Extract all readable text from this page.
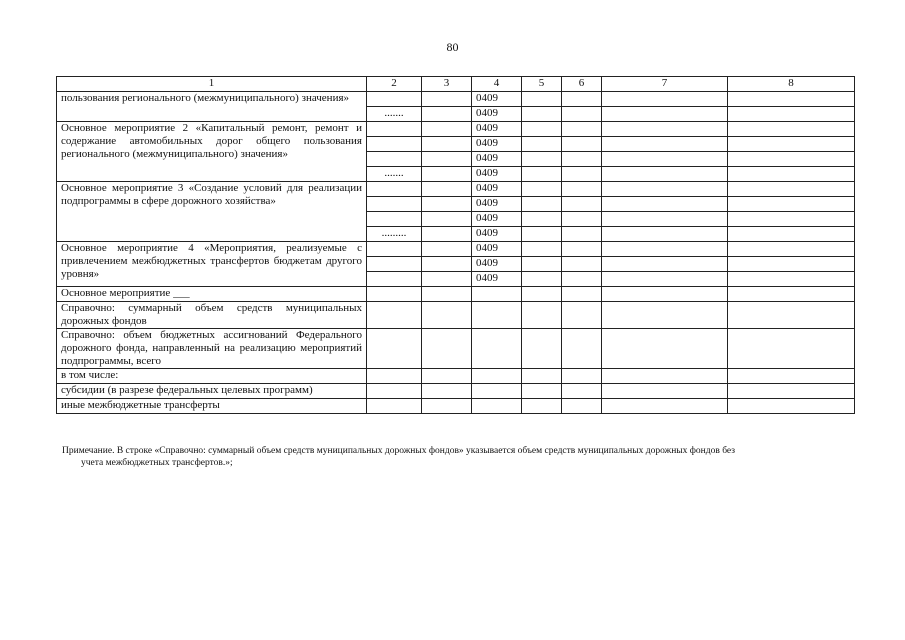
80
1	2	3	4	5	6	7	8
пользования регионального (межмуниципального) значения»			0409				
	.......		0409				
Основное мероприятие 2 «Капитальный ремонт, ремонт и содержание автомобильных дорог общего пользования регионального (межмуниципального) значения»			0409				
			0409				
			0409				
	.......		0409				
Основное мероприятие 3 «Создание условий для реализации подпрограммы в сфере дорожного хозяйства»			0409				
			0409				
			0409				
	.........		0409				
Основное мероприятие 4 «Мероприятия, реализуемые с привлечением межбюджетных трансфертов бюджетам другого уровня»			0409				
			0409				
			0409				
Основное мероприятие ___							
Справочно: суммарный объем средств муниципальных дорожных фондов							
Справочно: объем бюджетных ассигнований Федерального дорожного фонда, направленный на реализацию мероприятий подпрограммы, всего							
в том числе:							
субсидии (в разрезе федеральных целевых программ)							
иные межбюджетные трансферты							
Примечание. В строке «Справочно: суммарный объем средств муниципальных дорожных фондов» указывается объем средств муниципальных дорожных фондов без
учета межбюджетных трансфертов.»;
